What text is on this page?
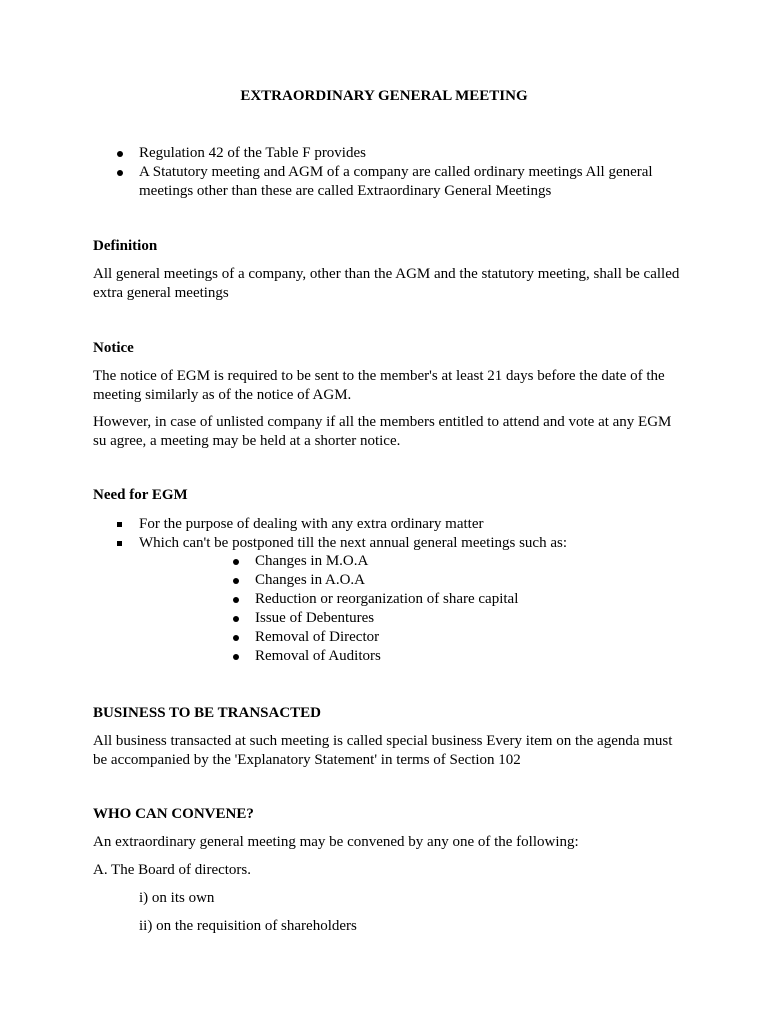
EXTRAORDINARY GENERAL MEETING
Regulation 42 of the Table F provides
A Statutory meeting and AGM of a company are called ordinary meetings All general meetings other than these are called Extraordinary General Meetings
Definition

All general meetings of a company, other than the AGM and the statutory meeting, shall be called extra general meetings

Notice

The notice of EGM is required to be sent to the member's at least 21 days before the date of the meeting similarly as of the notice of AGM.

However, in case of unlisted company if all the members entitled to attend and vote at any EGM su agree, a meeting may be held at a shorter notice.

Need for EGM
For the purpose of dealing with any extra ordinary matter
Which can't be postponed till the next annual general meetings such as:
Changes in M.O.A
Changes in A.O.A
Reduction or reorganization of share capital
Issue of Debentures
Removal of Director
Removal of Auditors
BUSINESS TO BE TRANSACTED

All business transacted at such meeting is called special business Every item on the agenda must be accompanied by the 'Explanatory Statement' in terms of Section 102

WHO CAN CONVENE?

An extraordinary general meeting may be convened by any one of the following:

A. The Board of directors.

i) on its own

ii) on the requisition of shareholders
